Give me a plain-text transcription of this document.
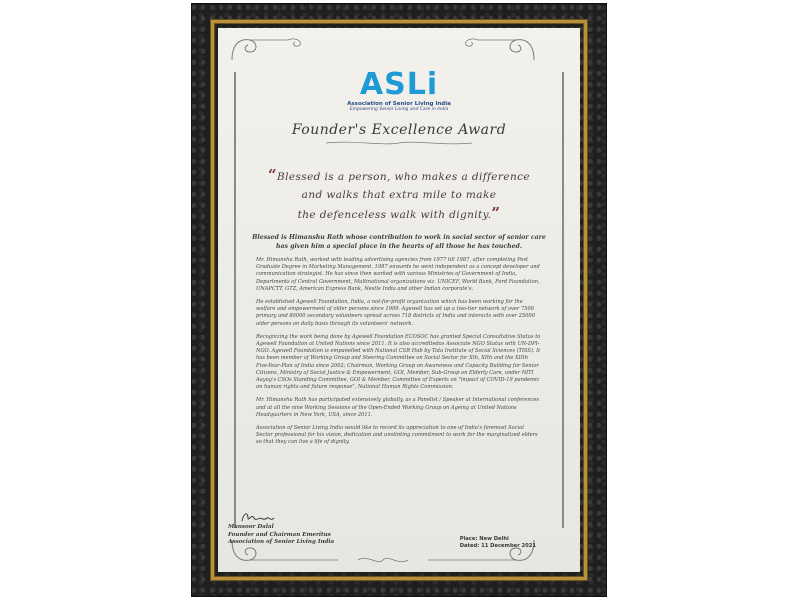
ASLi
Association of Senior Living India
Empowering Senior Living and Care in India
Founder's Excellence Award
“Blessed is a person, who makes a difference
and walks that extra mile to make
the defenceless walk with dignity.”
Blessed is Himanshu Rath whose contribution to work in social sector of senior care
has given him a special place in the hearts of all those he has touched.
Mr. Himanshu Rath, worked with leading advertising agencies from 1977 till 1987, after completing Post Graduate Degree in Marketing Management. 1987 onwards he went independent as a concept developer and communication strategist. He has since then worked with various Ministries of Government of India, Departments of Central Government, Multinational organizations viz. UNICEF, World Bank, Ford Foundation, UNAPCTT, GTZ, American Express Bank, Nestle India and other Indian corporate's.
He established Agewell Foundation, India, a not-for-profit organization which has been working for the welfare and empowerment of older persons since 1999. Agewell has set up a two-tier network of over 7500 primary and 80000 secondary volunteers spread across 718 districts of India and interacts with over 25000 older persons on daily basis through its volunteers' network.
Recognizing the work being done by Agewell Foundation ECOSOC has granted Special Consultative Status to Agewell Foundation at United Nations since 2011. It is also accreditedas Associate NGO Status with UN-DPI-NGO. Agewell Foundation is empanelled with National CSR Hub by Tata Institute of Social Sciences (TISS). It has been member of Working Group and Steering Committee on Social Sector for Xth, XIth and the XIIth Five-Year-Plan of India since 2002; Chairman, Working Group on Awareness and Capacity Building for Senior Citizens, Ministry of Social Justice & Empowerment, GOI, Member, Sub-Group on Elderly Care, under NITI Aayog's CSOs Standing Committee, GOI & Member, Committee of Experts on "impact of COVID-19 pandemic on human rights and future response", National Human Rights Commission.
Mr. Himanshu Rath has participated extensively globally, as a Panelist / Speaker at International conferences and at all the nine Working Sessions of the Open-Ended Working Group on Ageing at United Nations Headquarters in New York, USA, since 2011.
Association of Senior Living India would like to record its appreciation to one of India's foremost Social Sector professional for his vision, dedication and unstinting commitment to work for the marginalized elders so that they can live a life of dignity.
Mansoor Dalal
Founder and Chairman Emeritus
Association of Senior Living India	Place: New Delhi
Dated: 11 December 2021
